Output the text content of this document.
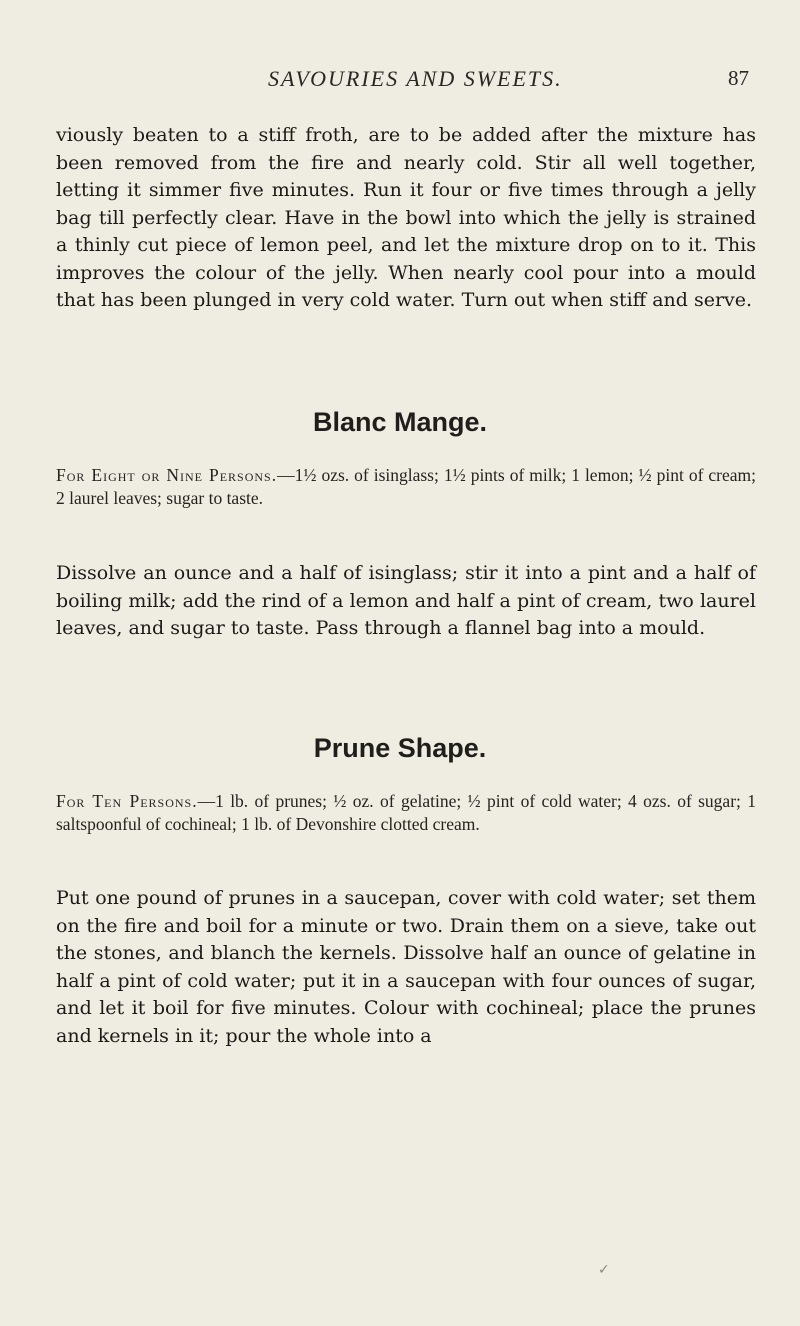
SAVOURIES AND SWEETS.	87

viously beaten to a stiff froth, are to be added after the mixture has been removed from the fire and nearly cold. Stir all well together, letting it simmer five minutes. Run it four or five times through a jelly bag till perfectly clear. Have in the bowl into which the jelly is strained a thinly cut piece of lemon peel, and let the mixture drop on to it. This improves the colour of the jelly. When nearly cool pour into a mould that has been plunged in very cold water. Turn out when stiff and serve.

Blanc Mange.

For Eight or Nine Persons.—1½ ozs. of isinglass; 1½ pints of milk; 1 lemon; ½ pint of cream; 2 laurel leaves; sugar to taste.

Dissolve an ounce and a half of isinglass; stir it into a pint and a half of boiling milk; add the rind of a lemon and half a pint of cream, two laurel leaves, and sugar to taste. Pass through a flannel bag into a mould.

Prune Shape.

For Ten Persons.—1 lb. of prunes; ½ oz. of gelatine; ½ pint of cold water; 4 ozs. of sugar; 1 saltspoonful of cochineal; 1 lb. of Devonshire clotted cream.

Put one pound of prunes in a saucepan, cover with cold water; set them on the fire and boil for a minute or two. Drain them on a sieve, take out the stones, and blanch the kernels. Dissolve half an ounce of gelatine in half a pint of cold water; put it in a saucepan with four ounces of sugar, and let it boil for five minutes. Colour with cochineal; place the prunes and kernels in it; pour the whole into a

✓
